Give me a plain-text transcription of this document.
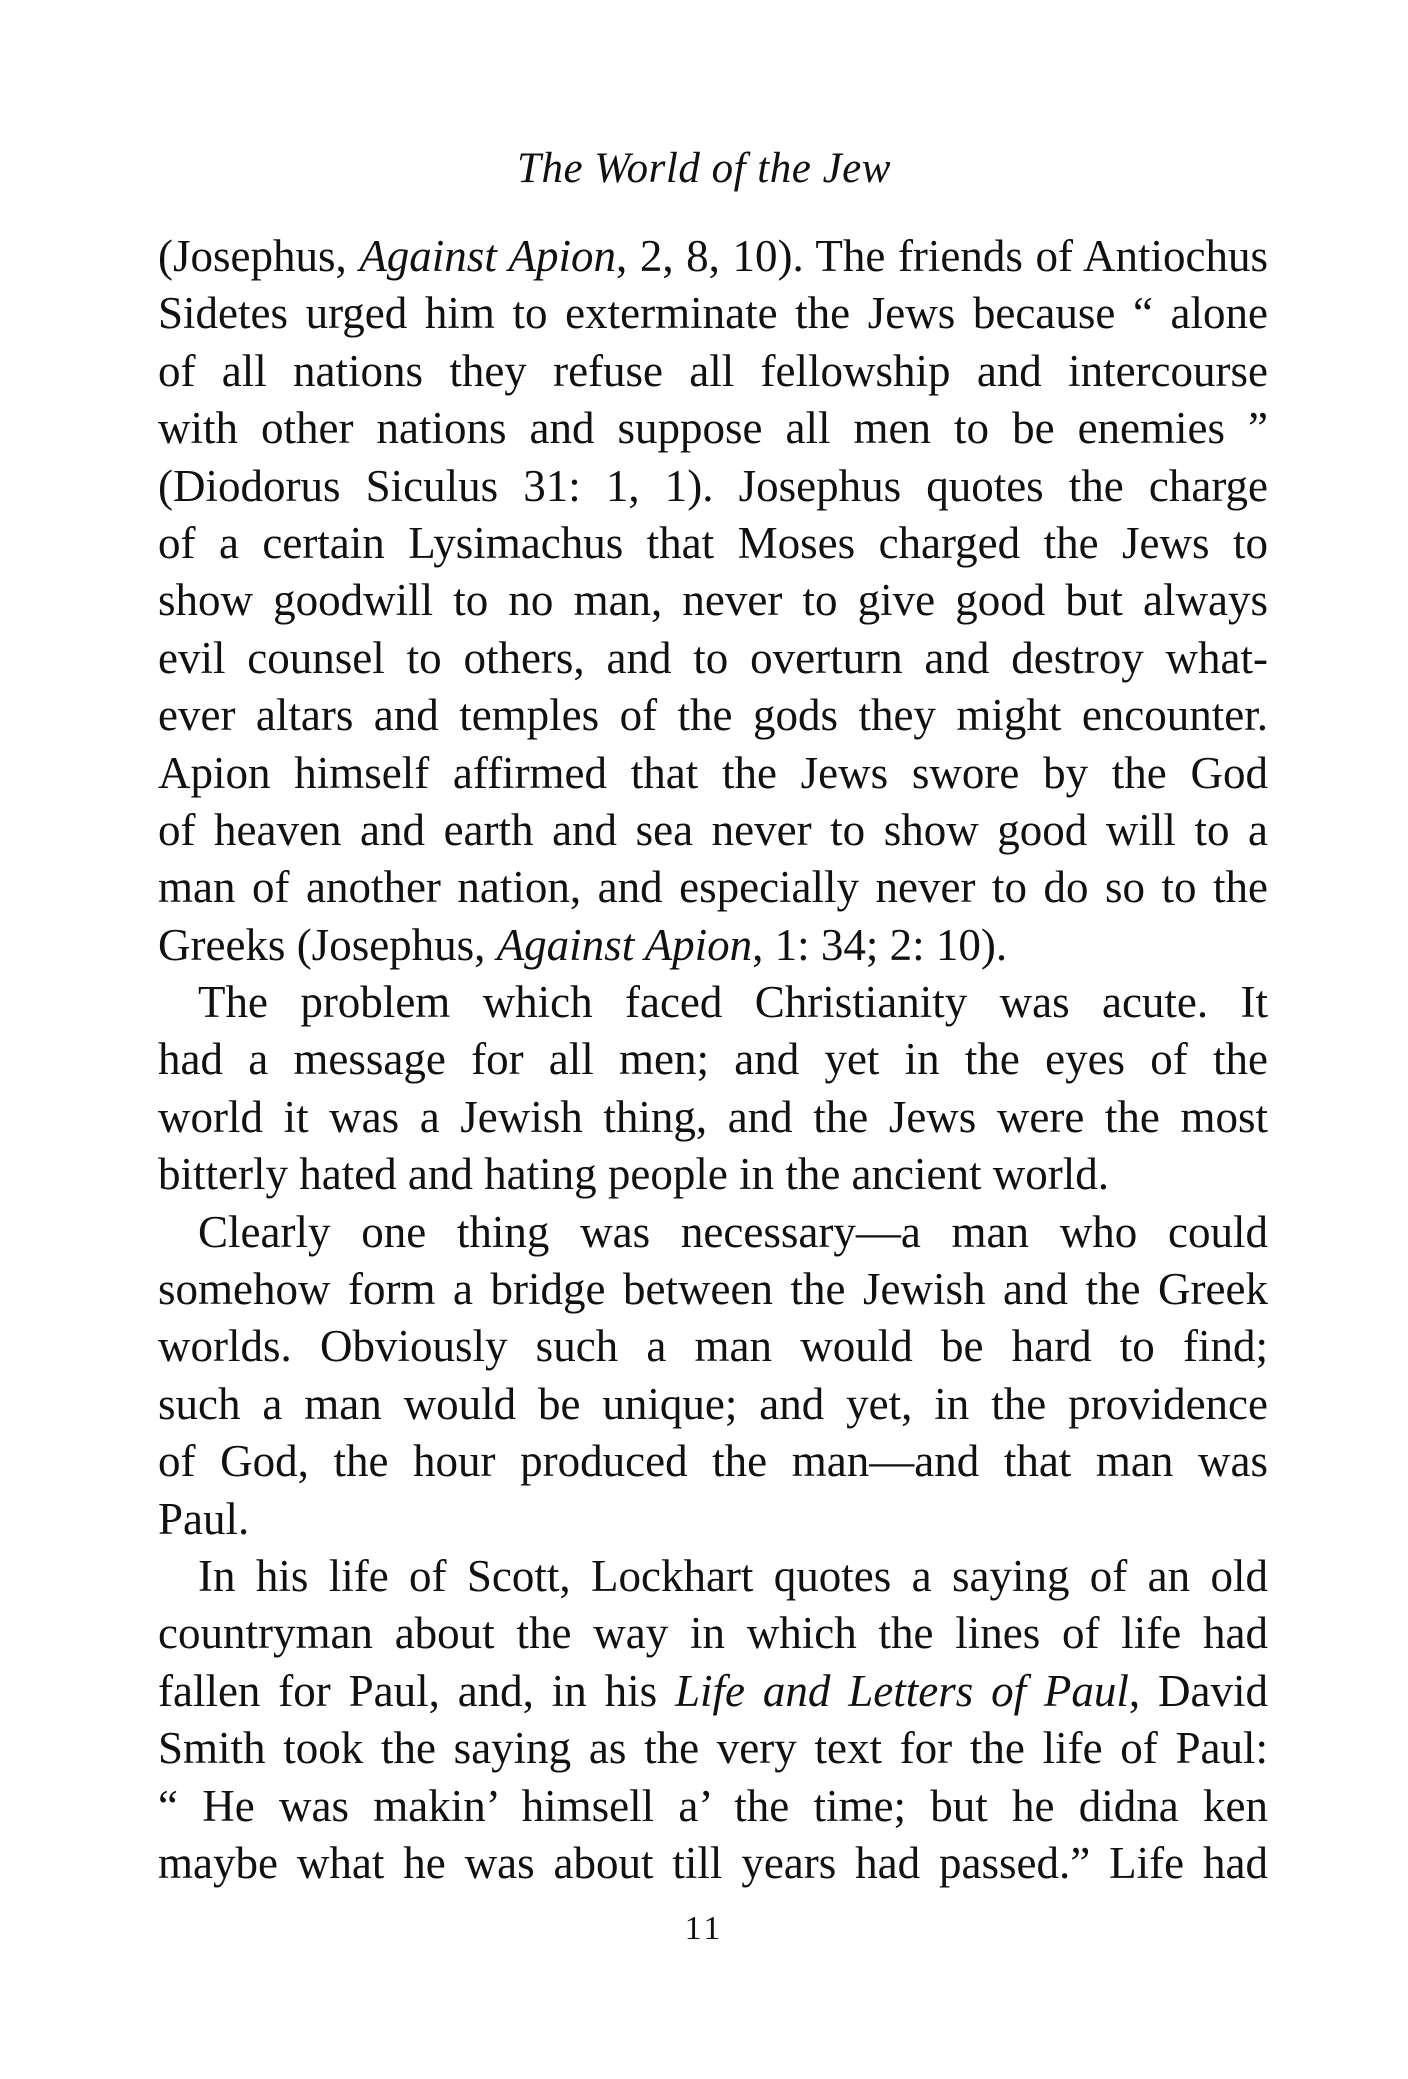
The World of the Jew
(Josephus, Against Apion, 2, 8, 10). The friends of Antiochus
Sidetes urged him to exterminate the Jews because “ alone
of all nations they refuse all fellowship and intercourse
with other nations and suppose all men to be enemies ”
(Diodorus Siculus 31: 1, 1). Josephus quotes the charge
of a certain Lysimachus that Moses charged the Jews to
show goodwill to no man, never to give good but always
evil counsel to others, and to overturn and destroy what-
ever altars and temples of the gods they might encounter.
Apion himself affirmed that the Jews swore by the God
of heaven and earth and sea never to show good will to a
man of another nation, and especially never to do so to the
Greeks (Josephus, Against Apion, 1: 34; 2: 10).
The problem which faced Christianity was acute. It
had a message for all men; and yet in the eyes of the
world it was a Jewish thing, and the Jews were the most
bitterly hated and hating people in the ancient world.
Clearly one thing was necessary—a man who could
somehow form a bridge between the Jewish and the Greek
worlds. Obviously such a man would be hard to find;
such a man would be unique; and yet, in the providence
of God, the hour produced the man—and that man was
Paul.
In his life of Scott, Lockhart quotes a saying of an old
countryman about the way in which the lines of life had
fallen for Paul, and, in his Life and Letters of Paul, David
Smith took the saying as the very text for the life of Paul:
“ He was makin’ himsell a’ the time; but he didna ken
maybe what he was about till years had passed.” Life had
11
